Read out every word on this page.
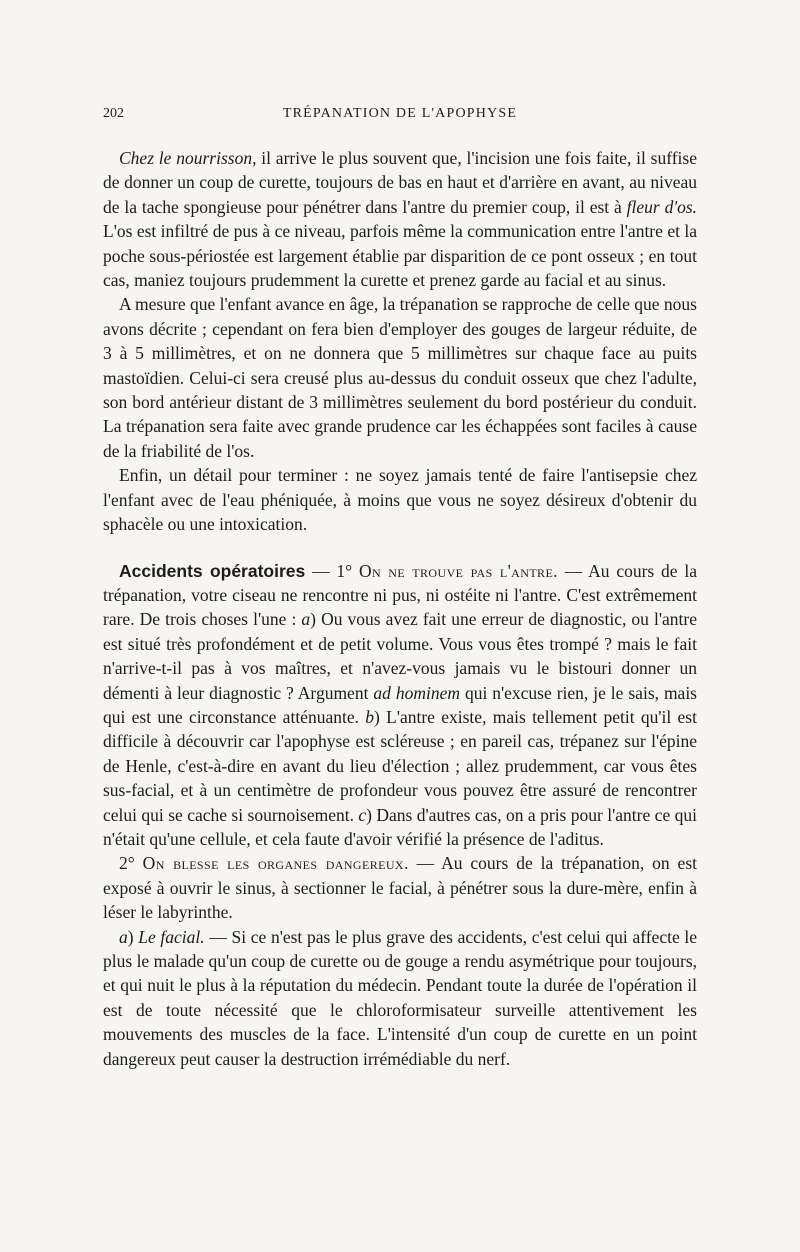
202	TRÉPANATION DE L'APOPHYSE

Chez le nourrisson, il arrive le plus souvent que, l'incision une fois faite, il suffise de donner un coup de curette, toujours de bas en haut et d'arrière en avant, au niveau de la tache spongieuse pour pénétrer dans l'antre du premier coup, il est à fleur d'os. L'os est infiltré de pus à ce niveau, parfois même la communication entre l'antre et la poche sous-périostée est largement établie par disparition de ce pont osseux ; en tout cas, maniez toujours prudemment la curette et prenez garde au facial et au sinus.

A mesure que l'enfant avance en âge, la trépanation se rapproche de celle que nous avons décrite ; cependant on fera bien d'employer des gouges de largeur réduite, de 3 à 5 millimètres, et on ne donnera que 5 millimètres sur chaque face au puits mastoïdien. Celui-ci sera creusé plus au-dessus du conduit osseux que chez l'adulte, son bord antérieur distant de 3 millimètres seulement du bord postérieur du conduit. La trépanation sera faite avec grande prudence car les échappées sont faciles à cause de la friabilité de l'os.

Enfin, un détail pour terminer : ne soyez jamais tenté de faire l'antisepsie chez l'enfant avec de l'eau phéniquée, à moins que vous ne soyez désireux d'obtenir du sphacèle ou une intoxication.

Accidents opératoires — 1° On ne trouve pas l'antre. — Au cours de la trépanation, votre ciseau ne rencontre ni pus, ni ostéite ni l'antre. C'est extrêmement rare. De trois choses l'une : a) Ou vous avez fait une erreur de diagnostic, ou l'antre est situé très profondément et de petit volume. Vous vous êtes trompé ? mais le fait n'arrive-t-il pas à vos maîtres, et n'avez-vous jamais vu le bistouri donner un démenti à leur diagnostic ? Argument ad hominem qui n'excuse rien, je le sais, mais qui est une circonstance atténuante. b) L'antre existe, mais tellement petit qu'il est difficile à découvrir car l'apophyse est scléreuse ; en pareil cas, trépanez sur l'épine de Henle, c'est-à-dire en avant du lieu d'élection ; allez prudemment, car vous êtes sus-facial, et à un centimètre de profondeur vous pouvez être assuré de rencontrer celui qui se cache si sournoisement. c) Dans d'autres cas, on a pris pour l'antre ce qui n'était qu'une cellule, et cela faute d'avoir vérifié la présence de l'aditus.

2° On blesse les organes dangereux. — Au cours de la trépanation, on est exposé à ouvrir le sinus, à sectionner le facial, à pénétrer sous la dure-mère, enfin à léser le labyrinthe.

a) Le facial. — Si ce n'est pas le plus grave des accidents, c'est celui qui affecte le plus le malade qu'un coup de curette ou de gouge a rendu asymétrique pour toujours, et qui nuit le plus à la réputation du médecin. Pendant toute la durée de l'opération il est de toute nécessité que le chloroformisateur surveille attentivement les mouvements des muscles de la face. L'intensité d'un coup de curette en un point dangereux peut causer la destruction irrémédiable du nerf.
